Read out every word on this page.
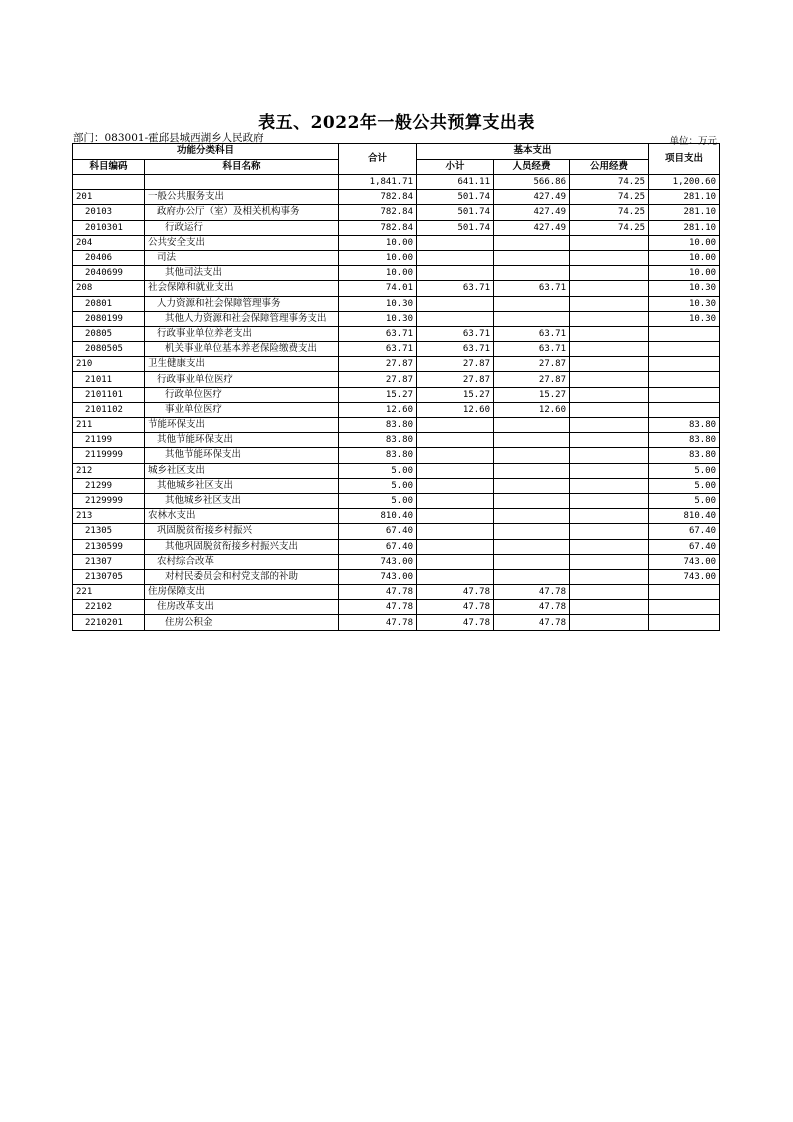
表五、2022年一般公共预算支出表
部门：083001-霍邱县城西湖乡人民政府	单位：万元
功能分类科目		合计	基本支出			项目支出
科目编码	科目名称		小计	人员经费	公用经费	
		1,841.71	641.11	566.86	74.25	1,200.60
201	一般公共服务支出	782.84	501.74	427.49	74.25	281.10
20103	政府办公厅（室）及相关机构事务	782.84	501.74	427.49	74.25	281.10
2010301	行政运行	782.84	501.74	427.49	74.25	281.10
204	公共安全支出	10.00				10.00
20406	司法	10.00				10.00
2040699	其他司法支出	10.00				10.00
208	社会保障和就业支出	74.01	63.71	63.71		10.30
20801	人力资源和社会保障管理事务	10.30				10.30
2080199	其他人力资源和社会保障管理事务支出	10.30				10.30
20805	行政事业单位养老支出	63.71	63.71	63.71		
2080505	机关事业单位基本养老保险缴费支出	63.71	63.71	63.71		
210	卫生健康支出	27.87	27.87	27.87		
21011	行政事业单位医疗	27.87	27.87	27.87		
2101101	行政单位医疗	15.27	15.27	15.27		
2101102	事业单位医疗	12.60	12.60	12.60		
211	节能环保支出	83.80				83.80
21199	其他节能环保支出	83.80				83.80
2119999	其他节能环保支出	83.80				83.80
212	城乡社区支出	5.00				5.00
21299	其他城乡社区支出	5.00				5.00
2129999	其他城乡社区支出	5.00				5.00
213	农林水支出	810.40				810.40
21305	巩固脱贫衔接乡村振兴	67.40				67.40
2130599	其他巩固脱贫衔接乡村振兴支出	67.40				67.40
21307	农村综合改革	743.00				743.00
2130705	对村民委员会和村党支部的补助	743.00				743.00
221	住房保障支出	47.78	47.78	47.78		
22102	住房改革支出	47.78	47.78	47.78		
2210201	住房公积金	47.78	47.78	47.78		
